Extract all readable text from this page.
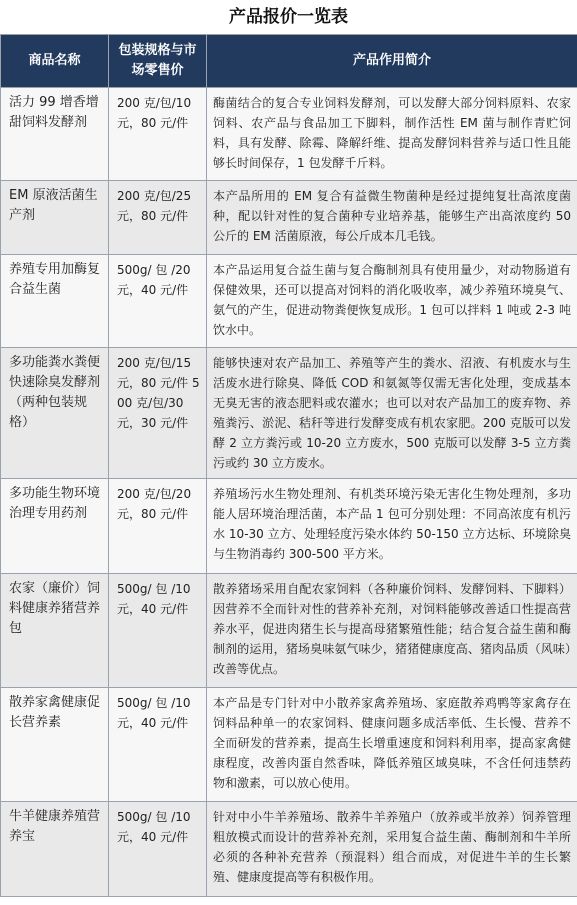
产品报价一览表
商品名称	包装规格与市场零售价	产品作用简介
活力 99 增香增甜饲料发酵剂	200 克/包/10 元，80 元/件	酶菌结合的复合专业饲料发酵剂，可以发酵大部分饲料原料、农家饲料、农产品与食品加工下脚料，制作活性 EM 菌与制作青贮饲料，具有发酵、除霉、降解纤维、提高发酵饲料营养与适口性且能够长时间保存，1 包发酵千斤料。
EM 原液活菌生产剂	200 克/包/25 元，80 元/件	本产品所用的 EM 复合有益微生物菌种是经过提纯复壮高浓度菌种，配以针对性的复合菌种专业培养基，能够生产出高浓度约 50 公斤的 EM 活菌原液，每公斤成本几毛钱。
养殖专用加酶复合益生菌	500g/ 包 /20 元，40 元/件	本产品运用复合益生菌与复合酶制剂具有使用量少，对动物肠道有保健效果，还可以提高对饲料的消化吸收率，减少养殖环境臭气、氨气的产生，促进动物粪便恢复成形。1 包可以拌料 1 吨或 2-3 吨饮水中。
多功能粪水粪便快速除臭发酵剂（两种包装规格）	200 克/包/15 元，80 元/件 500 克/包/30 元，30 元/件	能够快速对农产品加工、养殖等产生的粪水、沼液、有机废水与生活废水进行除臭、降低 COD 和氨氮等仅需无害化处理，变成基本无臭无害的液态肥料或农灌水；也可以对农产品加工的废弃物、养殖粪污、淤泥、秸秆等进行发酵变成有机农家肥。200 克版可以发酵 2 立方粪污或 10-20 立方废水，500 克版可以发酵 3-5 立方粪污或约 30 立方废水。
多功能生物环境治理专用药剂	200 克/包/20 元，80 元/件	养殖场污水生物处理剂、有机类环境污染无害化生物处理剂，多功能人居环境治理活菌，本产品 1 包可分别处理：不同高浓度有机污水 10-30 立方、处理轻度污染水体约 50-150 立方达标、环境除臭与生物消毒约 300-500 平方米。
农家（廉价）饲料健康养猪营养包	500g/ 包 /10 元，40 元/件	散养猪场采用自配农家饲料（各种廉价饲料、发酵饲料、下脚料）因营养不全而针对性的营养补充剂，对饲料能够改善适口性提高营养水平，促进肉猪生长与提高母猪繁殖性能；结合复合益生菌和酶制剂的运用，猪场臭味氨气味少，猪猪健康度高、猪肉品质（风味）改善等优点。
散养家禽健康促长营养素	500g/ 包 /10 元，40 元/件	本产品是专门针对中小散养家禽养殖场、家庭散养鸡鸭等家禽存在饲料品种单一的农家饲料、健康问题多成活率低、生长慢、营养不全而研发的营养素，提高生长增重速度和饲料利用率，提高家禽健康程度，改善肉蛋自然香味，降低养殖区域臭味，不含任何违禁药物和激素，可以放心使用。
牛羊健康养殖营养宝	500g/ 包 /10 元，40 元/件	针对中小牛羊养殖场、散养牛羊养殖户（放养或半放养）饲养管理粗放模式而设计的营养补充剂，采用复合益生菌、酶制剂和牛羊所必须的各种补充营养（预混料）组合而成，对促进牛羊的生长繁殖、健康度提高等有积极作用。
